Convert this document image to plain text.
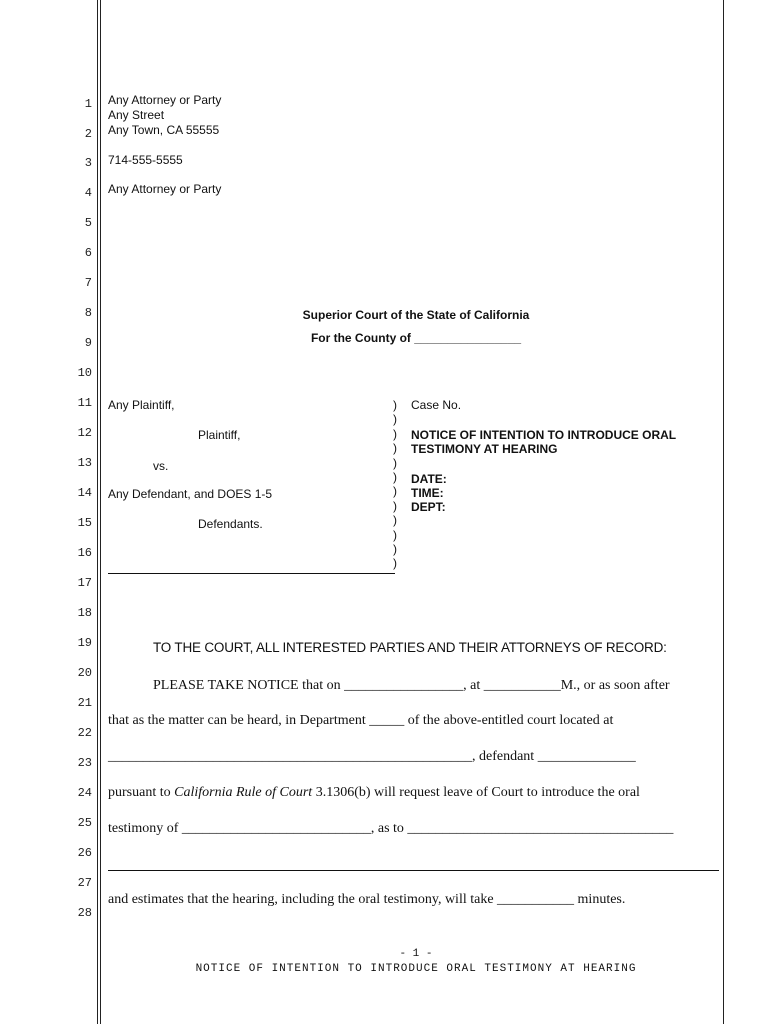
1
2
3
4
5
6
7
8
9
10
11
12
13
14
15
16
17
18
19
20
21
22
23
24
25
26
27
28
Any Attorney or Party
Any Street
Any Town, CA 55555
714-555-5555
Any Attorney or Party
Superior Court of the State of California
For the County of ________________
Any Plaintiff,
Plaintiff,
vs.
Any Defendant, and DOES 1-5
Defendants.
)
)
)
)
)
)
)
)
)
)
)
)
Case No.
NOTICE OF INTENTION TO INTRODUCE ORAL
TESTIMONY AT HEARING
DATE:
TIME:
DEPT:
TO THE COURT, ALL INTERESTED PARTIES AND THEIR ATTORNEYS OF RECORD:
PLEASE TAKE NOTICE that on _________________, at ___________M., or as soon after
that as the matter can be heard, in Department _____ of the above-entitled court located at
____________________________________________________, defendant ______________
pursuant to California Rule of Court 3.1306(b) will request leave of Court to introduce the oral
testimony of ___________________________, as to ______________________________________
and estimates that the hearing, including the oral testimony, will take ___________ minutes.
- 1 -
NOTICE OF INTENTION TO INTRODUCE ORAL TESTIMONY AT HEARING
